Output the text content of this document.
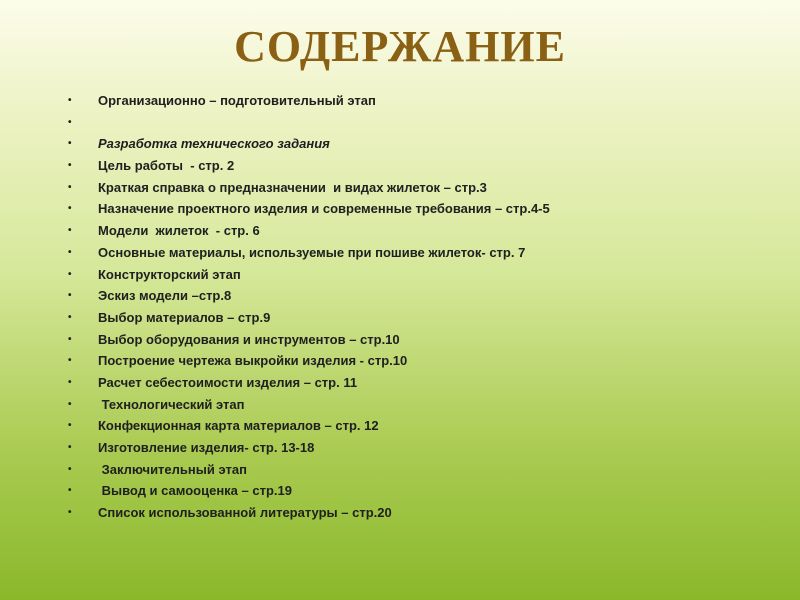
СОДЕРЖАНИЕ
• Организационно – подготовительный этап
•
• Разработка технического задания
• Цель работы  - стр. 2
• Краткая справка о предназначении  и видах жилеток – стр.3
• Назначение проектного изделия и современные требования – стр.4-5
• Модели  жилеток  - стр. 6
• Основные материалы, используемые при пошиве жилеток- стр. 7
• Конструкторский этап
• Эскиз модели –стр.8
• Выбор материалов – стр.9
• Выбор оборудования и инструментов – стр.10
• Построение чертежа выкройки изделия - стр.10
• Расчет себестоимости изделия – стр. 11
• Технологический этап
• Конфекционная карта материалов – стр. 12
• Изготовление изделия- стр. 13-18
• Заключительный этап
• Вывод и самооценка – стр.19
• Список использованной литературы – стр.20
